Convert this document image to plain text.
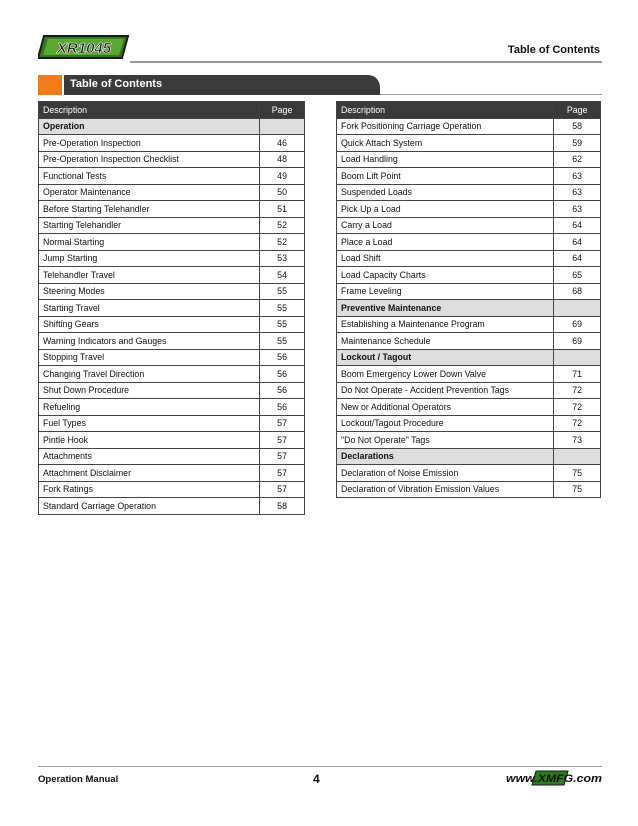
XR1045	Table of Contents
Table of Contents
Description	Page
Operation	
Pre-Operation Inspection	46
Pre-Operation Inspection Checklist	48
Functional Tests	49
Operator Maintenance	50
Before Starting Telehandler	51
Starting Telehandler	52
Normal Starting	52
Jump Starting	53
Telehandler Travel	54
Steering Modes	55
Starting Travel	55
Shifting Gears	55
Warning Indicators and Gauges	55
Stopping Travel	56
Changing Travel Direction	56
Shut Down Procedure	56
Refueling	56
Fuel Types	57
Pintle Hook	57
Attachments	57
Attachment Disclaimer	57
Fork Ratings	57
Standard Carriage Operation	58
Description	Page
Fork Positioning Carriage Operation	58
Quick Attach System	59
Load Handling	62
Boom Lift Point	63
Suspended Loads	63
Pick Up a Load	63
Carry a Load	64
Place a Load	64
Load Shift	64
Load Capacity Charts	65
Frame Leveling	68
Preventive Maintenance	
Establishing a Maintenance Program	69
Maintenance Schedule	69
Lockout / Tagout	
Boom Emergency Lower Down Valve	71
Do Not Operate - Accident Prevention Tags	72
New or Additional Operators	72
Lockout/Tagout Procedure	72
"Do Not Operate" Tags	73
Declarations	
Declaration of Noise Emission	75
Declaration of Vibration Emission Values	75
Operation Manual	4	www.XMFG.com
